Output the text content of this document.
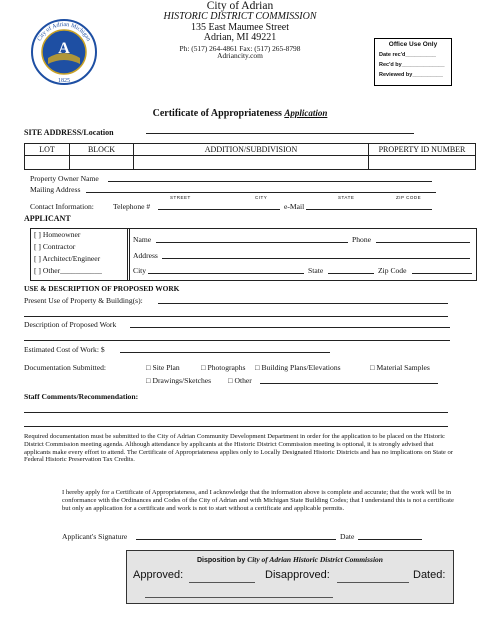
A
City of Adrian Michigan
1825
City of Adrian
HISTORIC DISTRICT COMMISSION
135 East Maumee Street
Adrian, MI 49221
Ph: (517) 264-4861 Fax: (517) 265-8798
Adriancity.com
Office Use Only
Date rec'd__________
Rec'd by______________
Reviewed by__________
Certificate of Appropriateness Application
SITE ADDRESS/Location
LOT	BLOCK	ADDITION/SUBDIVISION	PROPERTY ID NUMBER

Property Owner Name
Mailing Address
STREET	CITY	STATE	ZIP CODE
Contact Information:	Telephone #	e-Mail
APPLICANT
[ ] Homeowner
[ ] Contractor
[ ] Architect/Engineer
[ ] Other___________
Name	Phone
Address
City	State	Zip Code
USE & DESCRIPTION OF PROPOSED WORK
Present Use of Property & Building(s):
Description of Proposed Work
Estimated Cost of Work: $
Documentation Submitted:	□ Site Plan	□ Photographs □ Building Plans/Elevations	□ Material Samples
□ Drawings/Sketches □ Other
Staff Comments/Recommendation:
Required documentation must be submitted to the City of Adrian Community Development Department in order for the application to be placed on the Historic District Commission meeting agenda. Although attendance by applicants at the Historic District Commission meeting is optional, it is strongly advised that applicants make every effort to attend. The Certificate of Appropriateness applies only to Locally Designated Historic Districts and has no implications on State or Federal Historic Preservation Tax Credits.
I hereby apply for a Certificate of Appropriateness, and I acknowledge that the information above is complete and accurate; that the work will be in conformance with the Ordinances and Codes of the City of Adrian and with Michigan State Building Codes; that I understand this is not a certificate but only an application for a certificate and work is not to start without a certificate and applicable permits.
Applicant's Signature	Date
Disposition by City of Adrian Historic District Commission
Approved:	Disapproved:	Dated:
